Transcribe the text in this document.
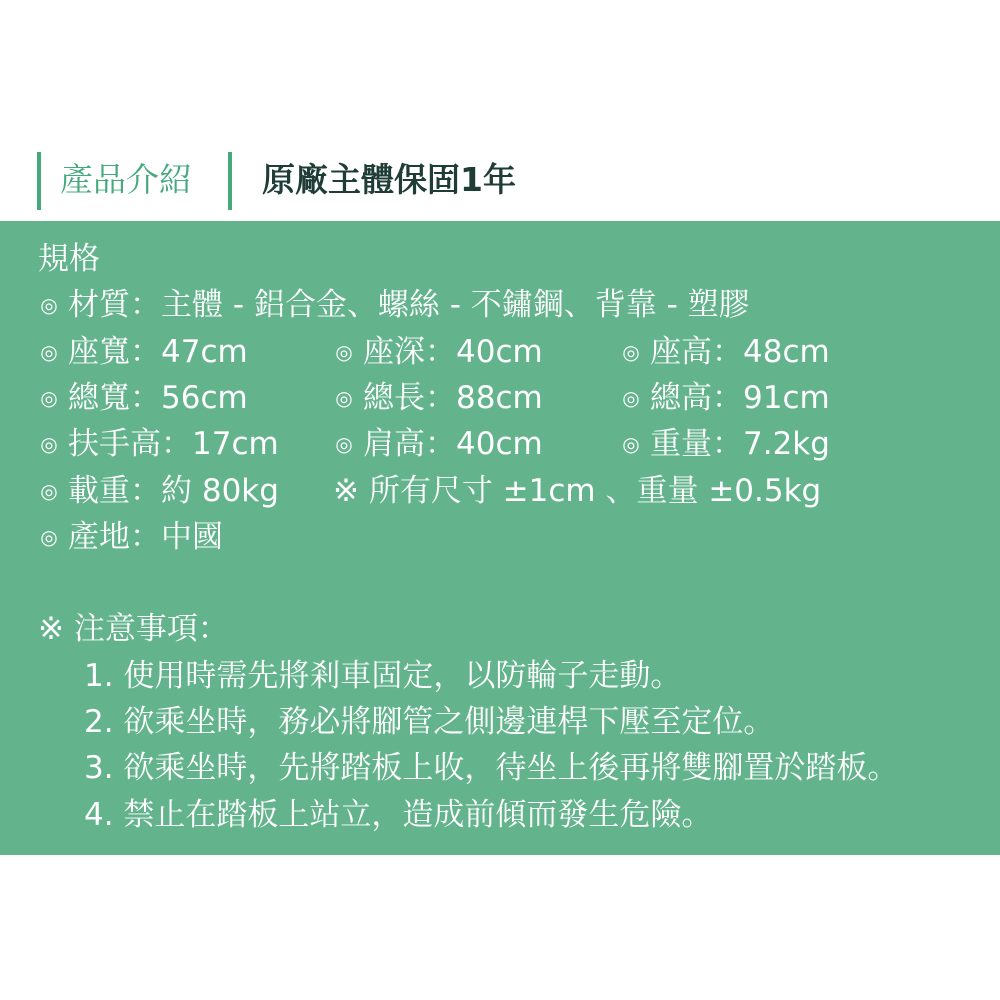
產品介紹 原廠主體保固1年
規格
◎ 材質：主體 - 鋁合金、螺絲 - 不鏽鋼、背靠 - 塑膠
◎ 座寬：47cm	◎ 座深：40cm	◎ 座高：48cm
◎ 總寬：56cm	◎ 總長：88cm	◎ 總高：91cm
◎ 扶手高：17cm	◎ 肩高：40cm	◎ 重量：7.2kg
◎ 載重：約 80kg ※ 所有尺寸 ±1cm 、重量 ±0.5kg
◎ 產地：中國
※ 注意事項：
1. 使用時需先將剎車固定，以防輪子走動。
2. 欲乘坐時，務必將腳管之側邊連桿下壓至定位。
3. 欲乘坐時，先將踏板上收，待坐上後再將雙腳置於踏板。
4. 禁止在踏板上站立，造成前傾而發生危險。
